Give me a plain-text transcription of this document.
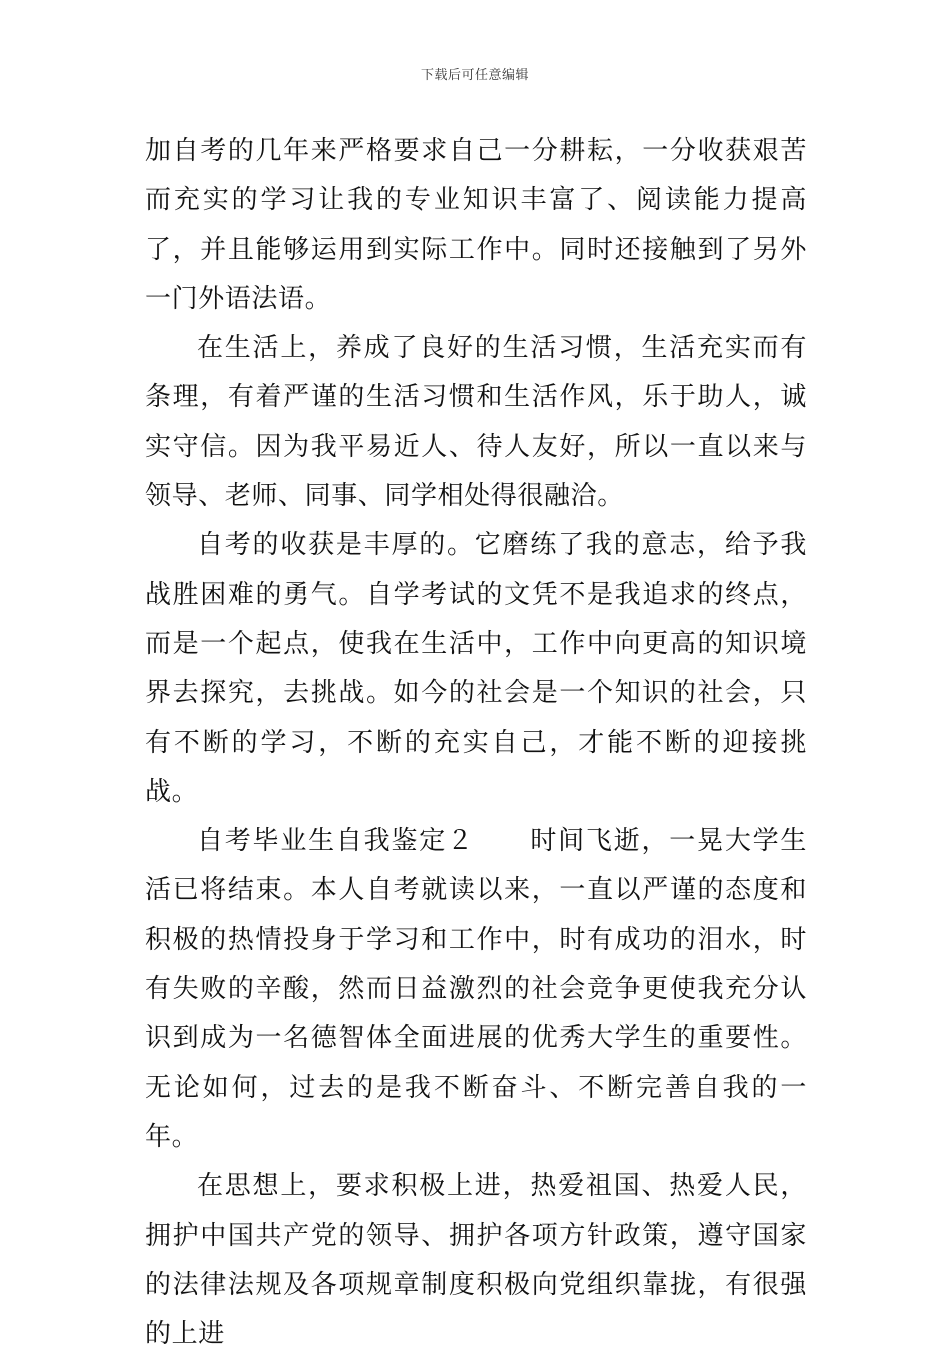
下载后可任意编辑

加自考的几年来严格要求自己一分耕耘，一分收获艰苦而充实的学习让我的专业知识丰富了、阅读能力提高了，并且能够运用到实际工作中。同时还接触到了另外一门外语法语。

在生活上，养成了良好的生活习惯，生活充实而有条理，有着严谨的生活习惯和生活作风，乐于助人，诚实守信。因为我平易近人、待人友好，所以一直以来与领导、老师、同事、同学相处得很融洽。

自考的收获是丰厚的。它磨练了我的意志，给予我战胜困难的勇气。自学考试的文凭不是我追求的终点，而是一个起点，使我在生活中，工作中向更高的知识境界去探究，去挑战。如今的社会是一个知识的社会，只有不断的学习，不断的充实自己，才能不断的迎接挑战。

自考毕业生自我鉴定２　　时间飞逝，一晃大学生活已将结束。本人自考就读以来，一直以严谨的态度和积极的热情投身于学习和工作中，时有成功的泪水，时有失败的辛酸，然而日益激烈的社会竞争更使我充分认识到成为一名德智体全面进展的优秀大学生的重要性。无论如何，过去的是我不断奋斗、不断完善自我的一年。

在思想上，要求积极上进，热爱祖国、热爱人民，拥护中国共产党的领导、拥护各项方针政策，遵守国家的法律法规及各项规章制度积极向党组织靠拢，有很强的上进
